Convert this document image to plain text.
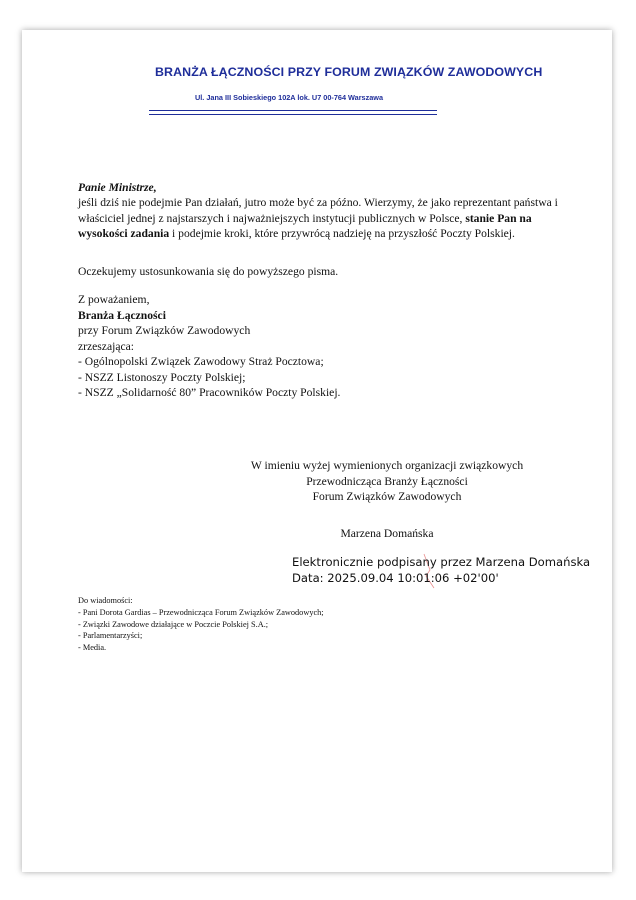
BRANŻA ŁĄCZNOŚCI PRZY FORUM ZWIĄZKÓW ZAWODOWYCH
Ul. Jana III Sobieskiego 102A lok. U7 00-764 Warszawa
Panie Ministrze,
jeśli dziś nie podejmie Pan działań, jutro może być za późno. Wierzymy, że jako reprezentant państwa i właściciel jednej z najstarszych i najważniejszych instytucji publicznych w Polsce, stanie Pan na wysokości zadania i podejmie kroki, które przywrócą nadzieję na przyszłość Poczty Polskiej.
Oczekujemy ustosunkowania się do powyższego pisma.
Z poważaniem,
Branża Łączności
przy Forum Związków Zawodowych
zrzeszająca:
- Ogólnopolski Związek Zawodowy Straż Pocztowa;
- NSZZ Listonoszy Poczty Polskiej;
- NSZZ „Solidarność 80” Pracowników Poczty Polskiej.
W imieniu wyżej wymienionych organizacji związkowych
Przewodnicząca Branży Łączności
Forum Związków Zawodowych
Marzena Domańska
Elektronicznie podpisany przez Marzena Domańska
Data: 2025.09.04 10:01:06 +02'00'
Do wiadomości:
- Pani Dorota Gardias – Przewodnicząca Forum Związków Zawodowych;
- Związki Zawodowe działające w Poczcie Polskiej S.A.;
- Parlamentarzyści;
- Media.
